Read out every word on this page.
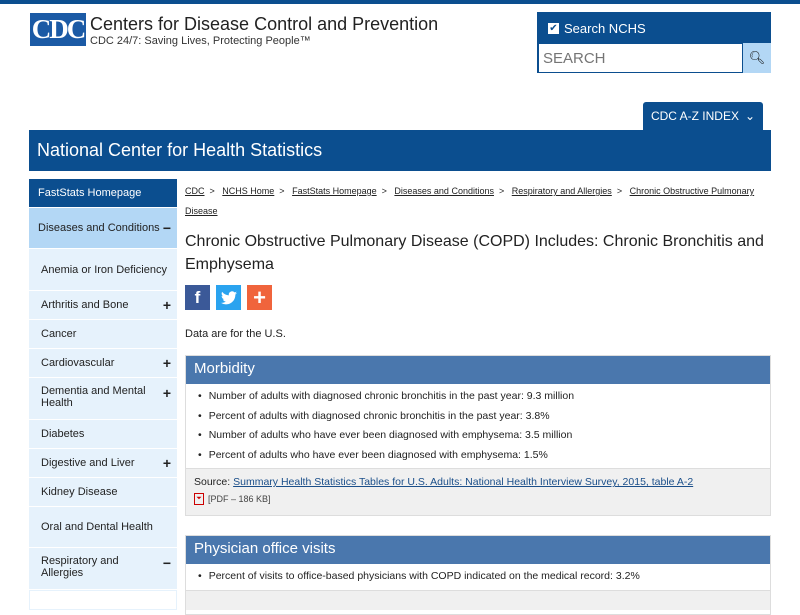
CDC Centers for Disease Control and Prevention
CDC 24/7: Saving Lives, Protecting People™
✔ Search NCHS
SEARCH
🔍︎
CDC A-Z INDEX ⌄
National Center for Health Statistics
FastStats Homepage
Diseases and Conditions −
Anemia or Iron Deficiency
Arthritis and Bone +
Cancer
Cardiovascular	+
Dementia and Mental Health
+
Diabetes
Digestive and Liver +
Kidney Disease
Oral and Dental Health
Respiratory and Allergies
−
CDC > NCHS Home > FastStats Homepage > Diseases and Conditions > Respiratory and Allergies > Chronic Obstructive Pulmonary Disease
Chronic Obstructive Pulmonary Disease (COPD) Includes: Chronic Bronchitis and Emphysema
f +
Data are for the U.S.
Morbidity
• Number of adults with diagnosed chronic bronchitis in the past year: 9.3 million
• Percent of adults with diagnosed chronic bronchitis in the past year: 3.8%
• Number of adults who have ever been diagnosed with emphysema: 3.5 million
• Percent of adults who have ever been diagnosed with emphysema: 1.5%
Source: Summary Health Statistics Tables for U.S. Adults: National Health Interview Survey, 2015, table A-2
⏷ [PDF – 186 KB]
Physician office visits
• Percent of visits to office-based physicians with COPD indicated on the medical record: 3.2%
